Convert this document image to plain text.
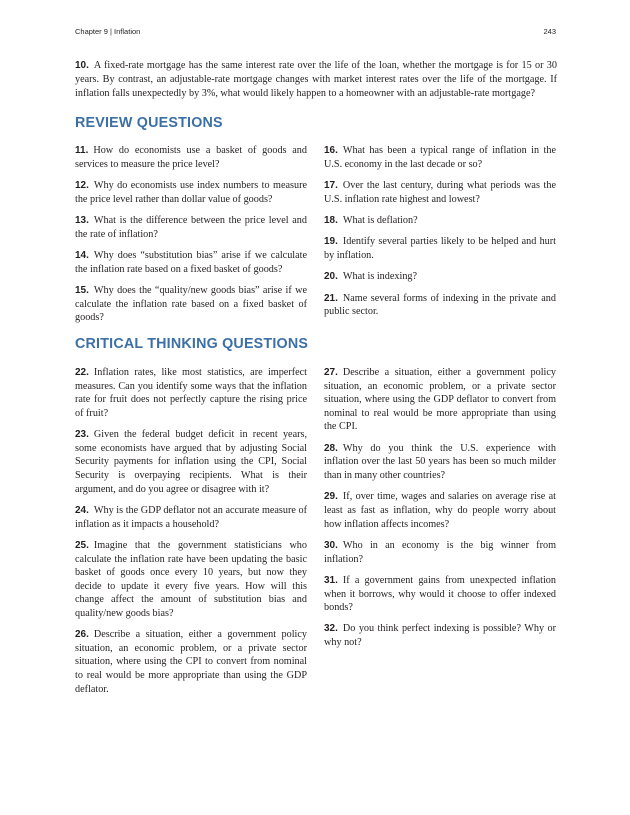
Chapter 9 | Inflation	243

10. A fixed-rate mortgage has the same interest rate over the life of the loan, whether the mortgage is for 15 or 30 years. By contrast, an adjustable-rate mortgage changes with market interest rates over the life of the mortgage. If inflation falls unexpectedly by 3%, what would likely happen to a homeowner with an adjustable-rate mortgage?

REVIEW QUESTIONS

11. How do economists use a basket of goods and services to measure the price level?

12. Why do economists use index numbers to measure the price level rather than dollar value of goods?

13. What is the difference between the price level and the rate of inflation?

14. Why does “substitution bias” arise if we calculate the inflation rate based on a fixed basket of goods?

15. Why does the “quality/new goods bias” arise if we calculate the inflation rate based on a fixed basket of goods?

16. What has been a typical range of inflation in the U.S. economy in the last decade or so?

17. Over the last century, during what periods was the U.S. inflation rate highest and lowest?

18. What is deflation?

19. Identify several parties likely to be helped and hurt by inflation.

20. What is indexing?

21. Name several forms of indexing in the private and public sector.

CRITICAL THINKING QUESTIONS

22. Inflation rates, like most statistics, are imperfect measures. Can you identify some ways that the inflation rate for fruit does not perfectly capture the rising price of fruit?

23. Given the federal budget deficit in recent years, some economists have argued that by adjusting Social Security payments for inflation using the CPI, Social Security is overpaying recipients. What is their argument, and do you agree or disagree with it?

24. Why is the GDP deflator not an accurate measure of inflation as it impacts a household?

25. Imagine that the government statisticians who calculate the inflation rate have been updating the basic basket of goods once every 10 years, but now they decide to update it every five years. How will this change affect the amount of substitution bias and quality/new goods bias?

26. Describe a situation, either a government policy situation, an economic problem, or a private sector situation, where using the CPI to convert from nominal to real would be more appropriate than using the GDP deflator.

27. Describe a situation, either a government policy situation, an economic problem, or a private sector situation, where using the GDP deflator to convert from nominal to real would be more appropriate than using the CPI.

28. Why do you think the U.S. experience with inflation over the last 50 years has been so much milder than in many other countries?

29. If, over time, wages and salaries on average rise at least as fast as inflation, why do people worry about how inflation affects incomes?

30. Who in an economy is the big winner from inflation?

31. If a government gains from unexpected inflation when it borrows, why would it choose to offer indexed bonds?

32. Do you think perfect indexing is possible? Why or why not?
